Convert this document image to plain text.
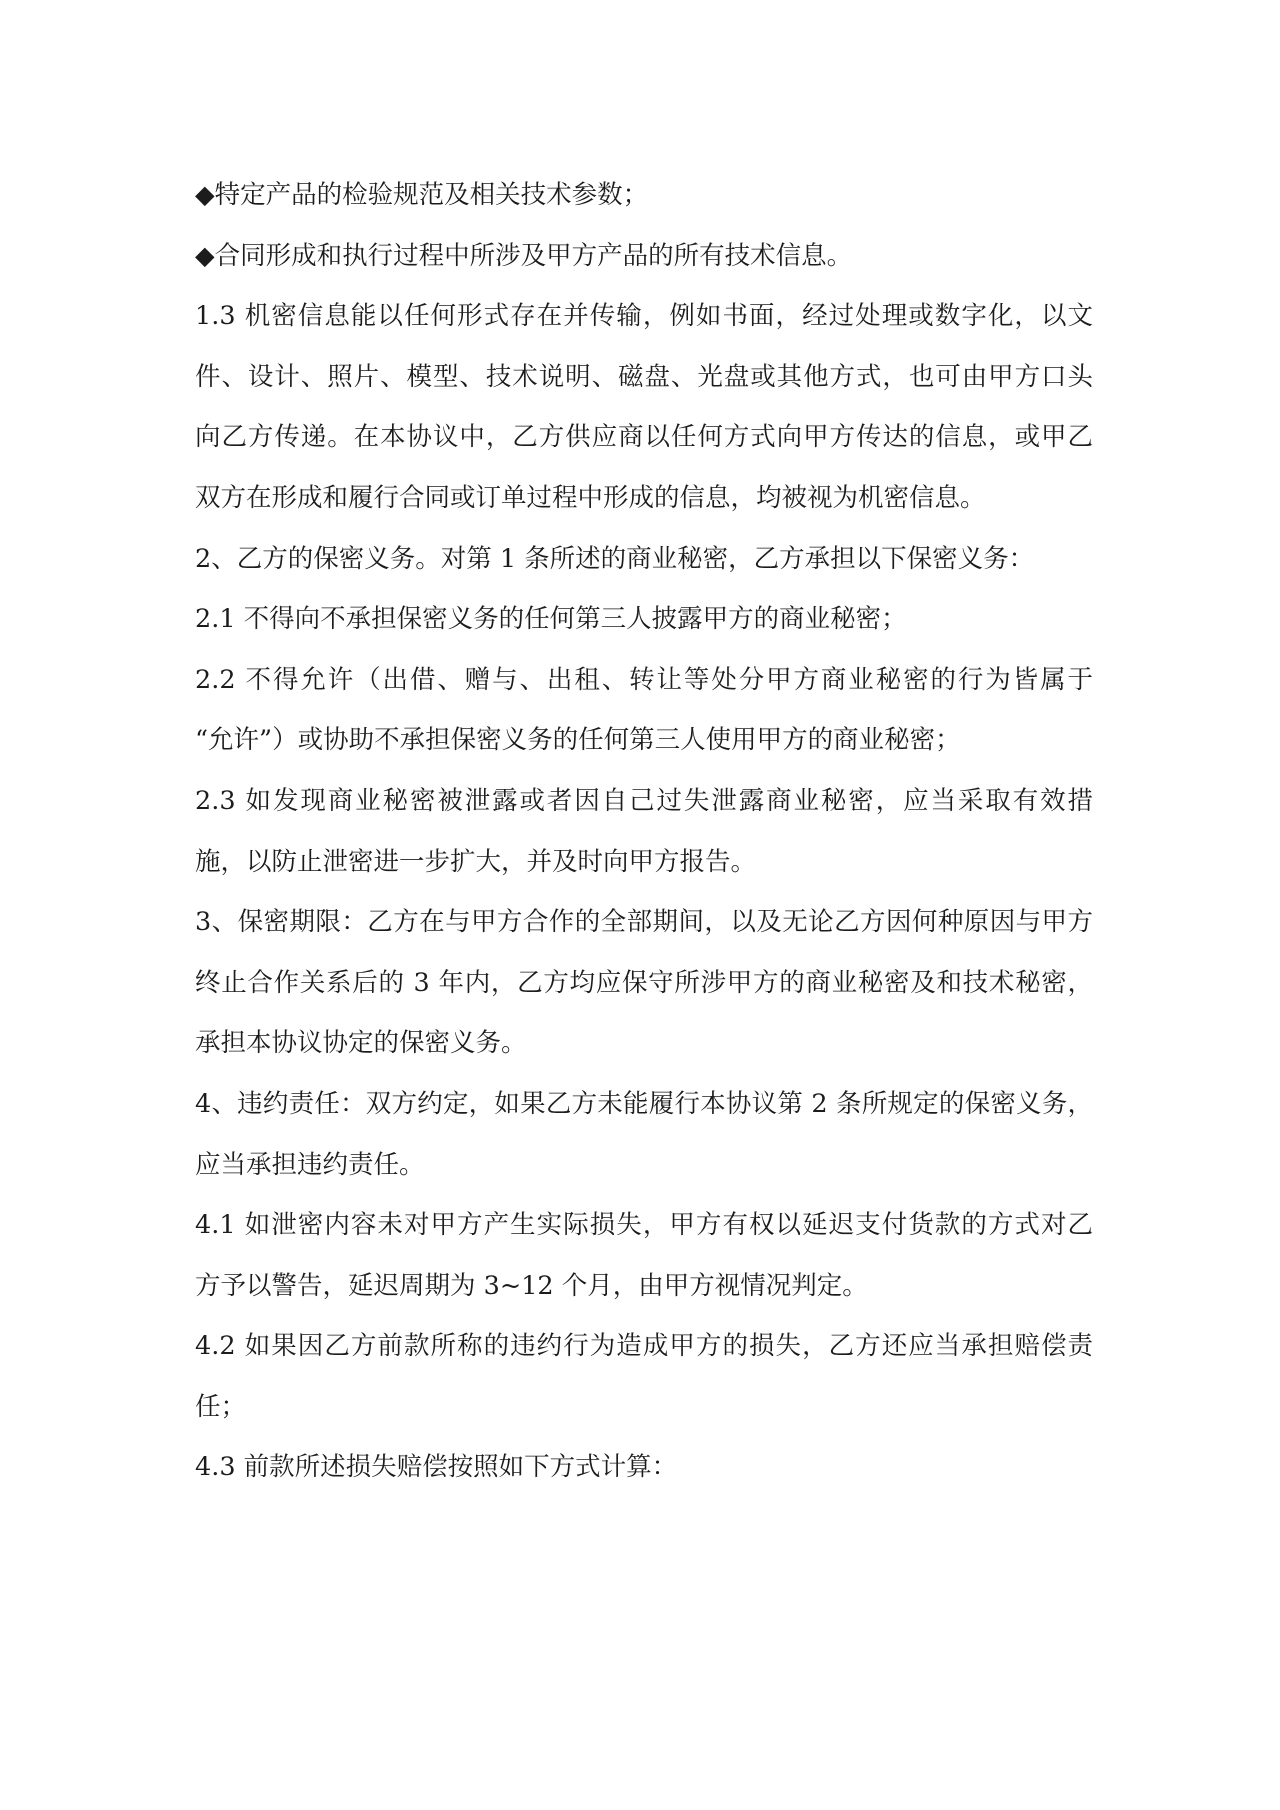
◆特定产品的检验规范及相关技术参数；
◆合同形成和执行过程中所涉及甲方产品的所有技术信息。
1.3 机密信息能以任何形式存在并传输，例如书面，经过处理或数字化，以文
件、设计、照片、模型、技术说明、磁盘、光盘或其他方式，也可由甲方口头
向乙方传递。在本协议中，乙方供应商以任何方式向甲方传达的信息，或甲乙
双方在形成和履行合同或订单过程中形成的信息，均被视为机密信息。
2、乙方的保密义务。对第 1 条所述的商业秘密，乙方承担以下保密义务：
2.1 不得向不承担保密义务的任何第三人披露甲方的商业秘密；
2.2 不得允许（出借、赠与、出租、转让等处分甲方商业秘密的行为皆属于
“允许”）或协助不承担保密义务的任何第三人使用甲方的商业秘密；
2.3 如发现商业秘密被泄露或者因自己过失泄露商业秘密，应当采取有效措
施，以防止泄密进一步扩大，并及时向甲方报告。
3、保密期限：乙方在与甲方合作的全部期间，以及无论乙方因何种原因与甲方
终止合作关系后的 3 年内，乙方均应保守所涉甲方的商业秘密及和技术秘密，
承担本协议协定的保密义务。
4、违约责任：双方约定，如果乙方未能履行本协议第 2 条所规定的保密义务，
应当承担违约责任。
4.1 如泄密内容未对甲方产生实际损失，甲方有权以延迟支付货款的方式对乙
方予以警告，延迟周期为 3~12 个月，由甲方视情况判定。
4.2 如果因乙方前款所称的违约行为造成甲方的损失，乙方还应当承担赔偿责
任；
4.3 前款所述损失赔偿按照如下方式计算：
